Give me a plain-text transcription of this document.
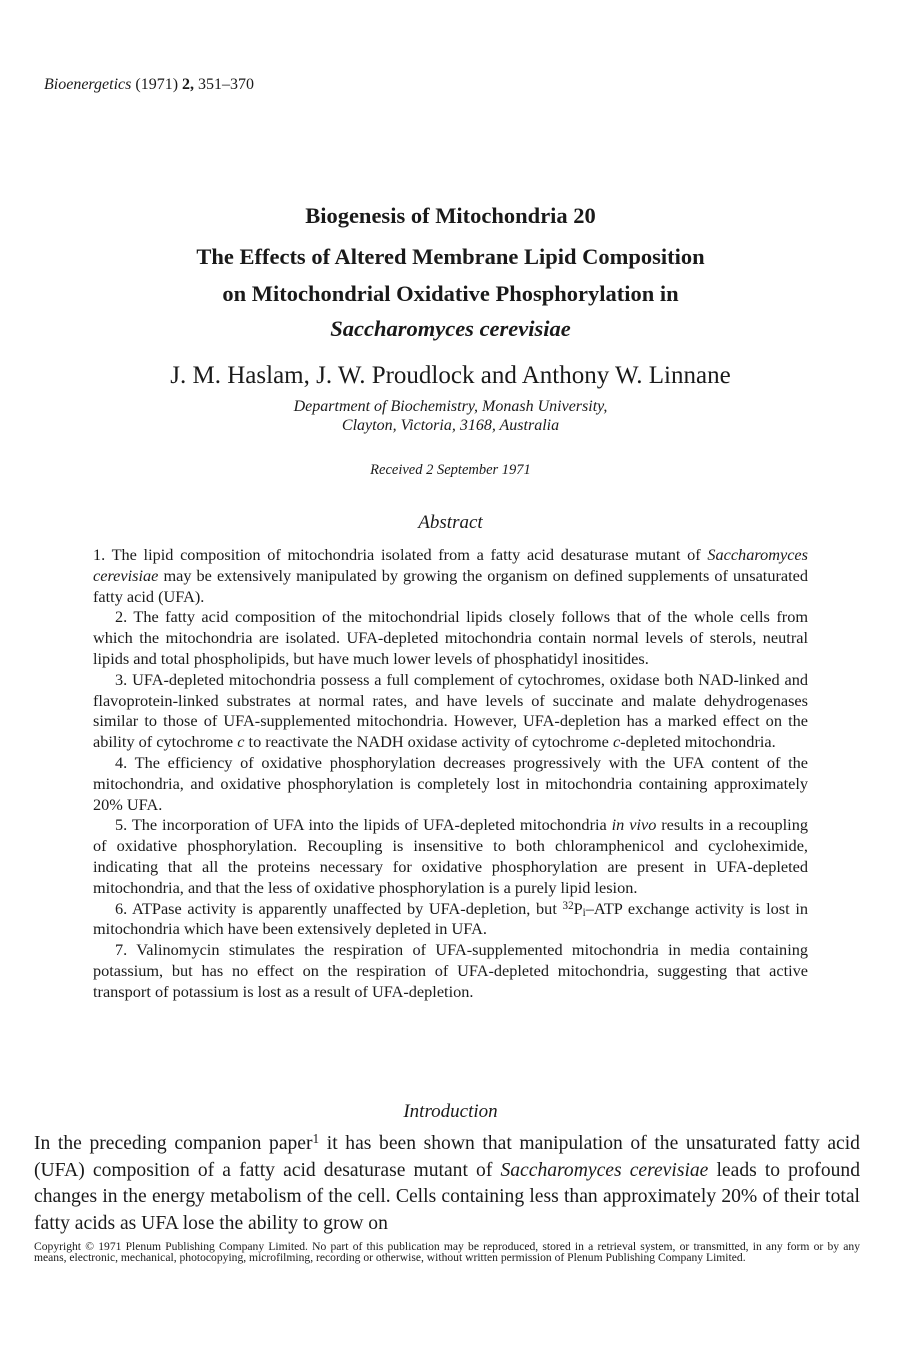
Bioenergetics (1971) 2, 351–370
Biogenesis of Mitochondria 20
The Effects of Altered Membrane Lipid Composition
on Mitochondrial Oxidative Phosphorylation in
Saccharomyces cerevisiae
J. M. Haslam, J. W. Proudlock and Anthony W. Linnane
Department of Biochemistry, Monash University,
Clayton, Victoria, 3168, Australia
Received 2 September 1971
Abstract

1. The lipid composition of mitochondria isolated from a fatty acid desaturase mutant of Saccharomyces cerevisiae may be extensively manipulated by growing the organism on defined supplements of unsaturated fatty acid (UFA).

2. The fatty acid composition of the mitochondrial lipids closely follows that of the whole cells from which the mitochondria are isolated. UFA-depleted mitochondria contain normal levels of sterols, neutral lipids and total phospholipids, but have much lower levels of phosphatidyl inositides.

3. UFA-depleted mitochondria possess a full complement of cytochromes, oxidase both NAD-linked and flavoprotein-linked substrates at normal rates, and have levels of succinate and malate dehydrogenases similar to those of UFA-supplemented mitochondria. However, UFA-depletion has a marked effect on the ability of cytochrome c to reactivate the NADH oxidase activity of cytochrome c-depleted mitochondria.

4. The efficiency of oxidative phosphorylation decreases progressively with the UFA content of the mitochondria, and oxidative phosphorylation is completely lost in mitochondria containing approximately 20% UFA.

5. The incorporation of UFA into the lipids of UFA-depleted mitochondria in vivo results in a recoupling of oxidative phosphorylation. Recoupling is insensitive to both chloramphenicol and cycloheximide, indicating that all the proteins necessary for oxidative phosphorylation are present in UFA-depleted mitochondria, and that the less of oxidative phosphorylation is a purely lipid lesion.

6. ATPase activity is apparently unaffected by UFA-depletion, but $^{32}P_i$–ATP exchange activity is lost in mitochondria which have been extensively depleted in UFA.

7. Valinomycin stimulates the respiration of UFA-supplemented mitochondria in media containing potassium, but has no effect on the respiration of UFA-depleted mitochondria, suggesting that active transport of potassium is lost as a result of UFA-depletion.

Introduction

In the preceding companion paper$^1$ it has been shown that manipulation of the unsaturated fatty acid (UFA) composition of a fatty acid desaturase mutant of Saccharomyces cerevisiae leads to profound changes in the energy metabolism of the cell. Cells containing less than approximately 20% of their total fatty acids as UFA lose the ability to grow on

Copyright © 1971 Plenum Publishing Company Limited. No part of this publication may be reproduced, stored in a retrieval system, or transmitted, in any form or by any means, electronic, mechanical, photocopying, microfilming, recording or otherwise, without written permission of Plenum Publishing Company Limited.
